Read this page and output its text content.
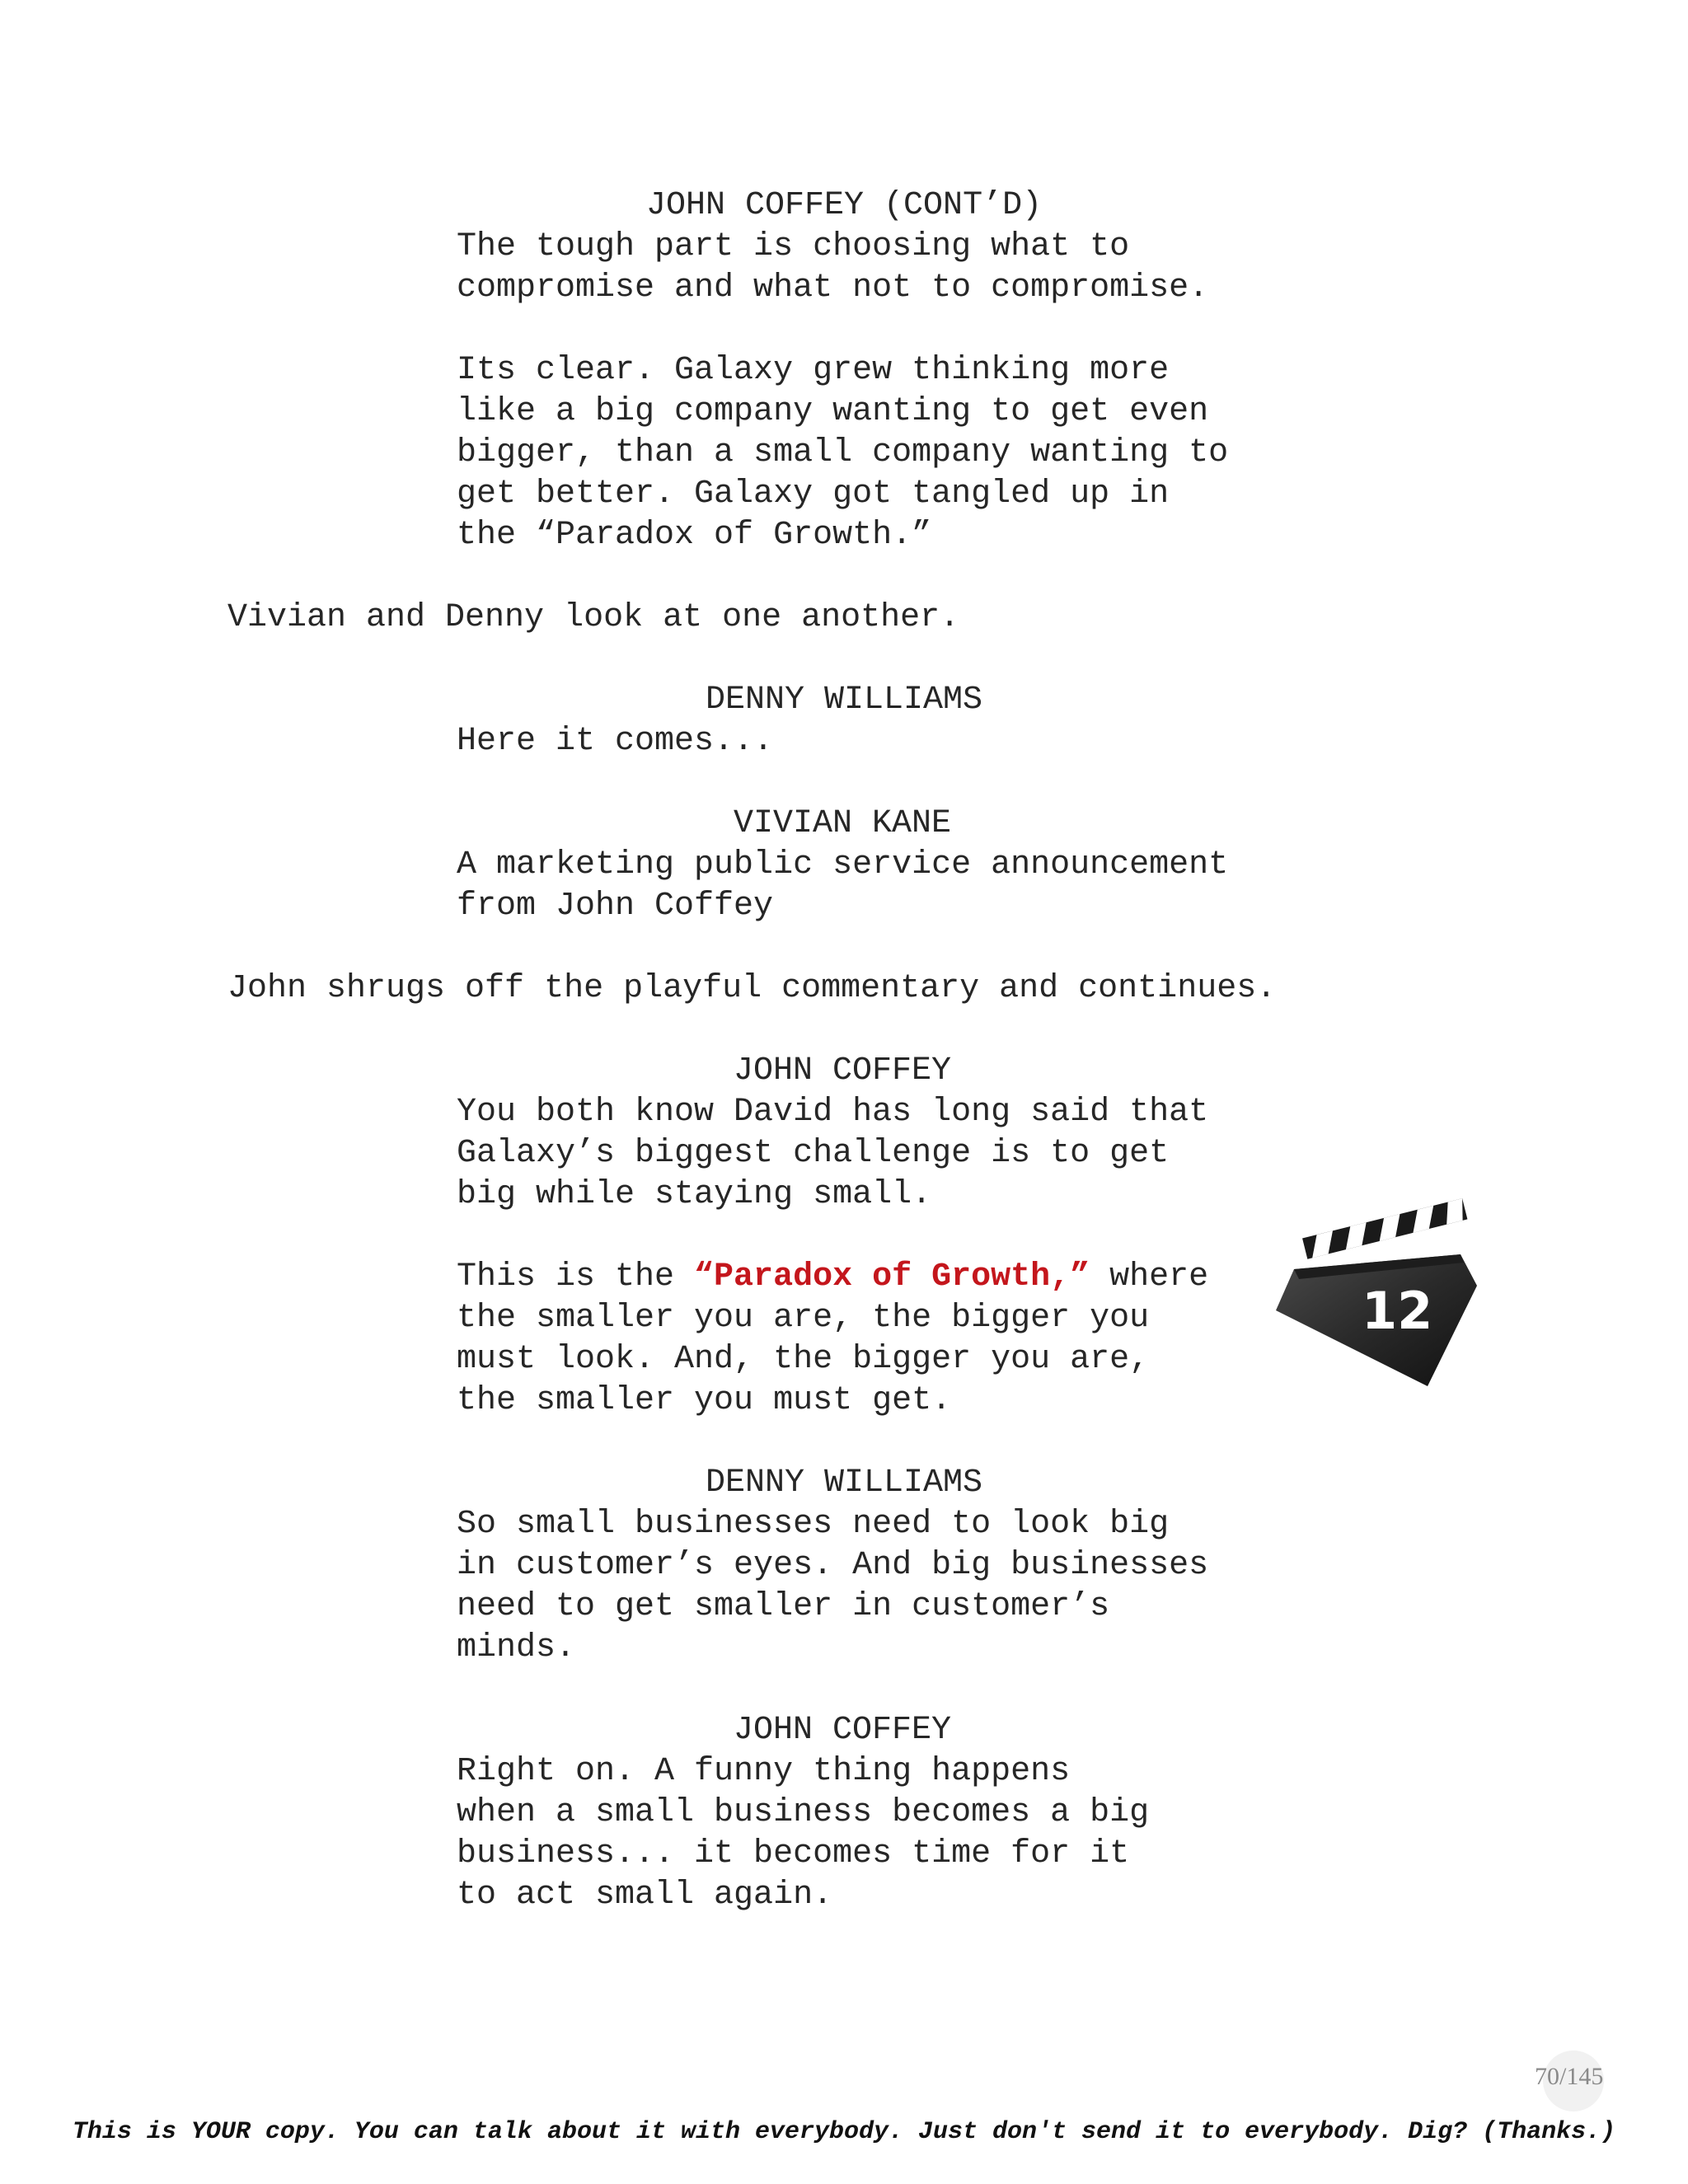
JOHN COFFEY (CONT’D)
The tough part is choosing what to
compromise and what not to compromise.
Its clear. Galaxy grew thinking more
like a big company wanting to get even
bigger, than a small company wanting to
get better. Galaxy got tangled up in
the “Paradox of Growth.”
Vivian and Denny look at one another.
DENNY WILLIAMS
Here it comes...
VIVIAN KANE
A marketing public service announcement
from John Coffey
John shrugs off the playful commentary and continues.
JOHN COFFEY
You both know David has long said that
Galaxy’s biggest challenge is to get
big while staying small.
This is the “Paradox of Growth,” where
the smaller you are, the bigger you
must look. And, the bigger you are,
the smaller you must get.
DENNY WILLIAMS
So small businesses need to look big
in customer’s eyes. And big businesses
need to get smaller in customer’s
minds.
JOHN COFFEY
Right on. A funny thing happens
when a small business becomes a big
business... it becomes time for it
to act small again.
12
70/145
This is YOUR copy. You can talk about it with everybody. Just don't send it to everybody. Dig? (Thanks.)
